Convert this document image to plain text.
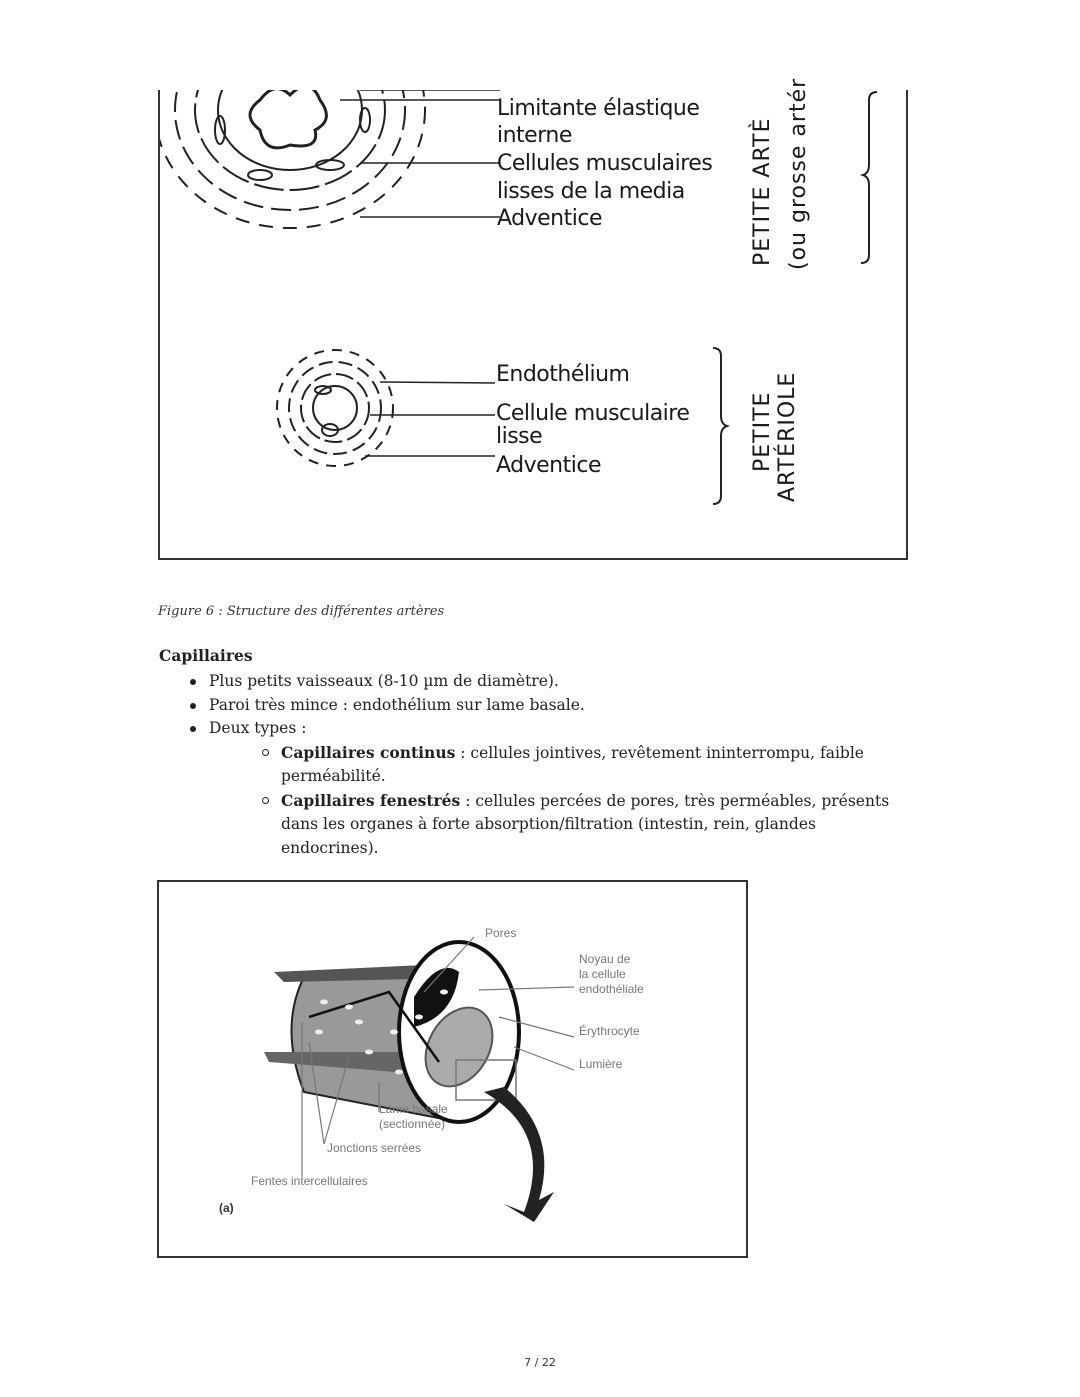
Limitante élastique
interne
Cellules musculaires
lisses de la media
Adventice	PETITE ARTÈ (ou grosse artér
Endothélium
Cellule musculaire
lisse
Adventice	PETITE ARTÉRIOLE
Figure 6 : Structure des différentes artères
Capillaires
Plus petits vaisseaux (8-10 µm de diamètre).
Paroi très mince : endothélium sur lame basale.
Deux types :
Capillaires continus : cellules jointives, revêtement ininterrompu, faible perméabilité.
Capillaires fenestrés : cellules percées de pores, très perméables, présents dans les organes à forte absorption/filtration (intestin, rein, glandes endocrines).
Pores
Noyau de
la cellule
endothéliale
Érythrocyte
Lumière
Lame basale
(sectionnée)
Jonctions serrées
Fentes intercellulaires
(a)
7 / 22
